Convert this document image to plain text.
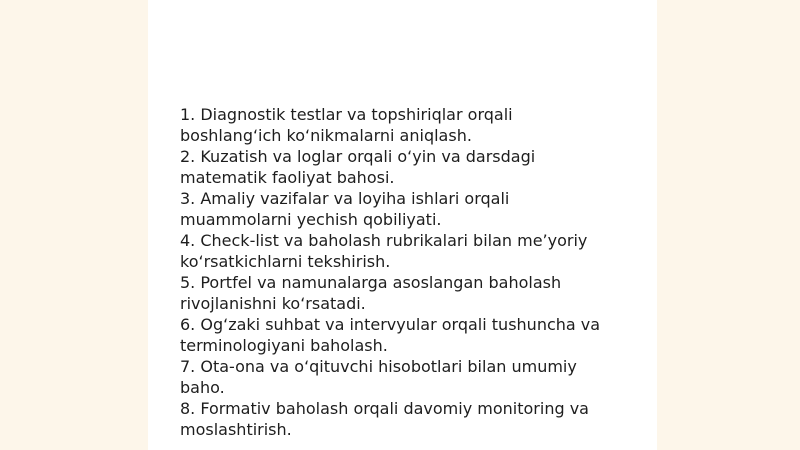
1. Diagnostik testlar va topshiriqlar orqali
boshlang‘ich ko‘nikmalarni aniqlash.
2. Kuzatish va loglar orqali o‘yin va darsdagi
matematik faoliyat bahosi.
3. Amaliy vazifalar va loyiha ishlari orqali
muammolarni yechish qobiliyati.
4. Check-list va baholash rubrikalari bilan me’yoriy
ko‘rsatkichlarni tekshirish.
5. Portfel va namunalarga asoslangan baholash
rivojlanishni ko‘rsatadi.
6. Og‘zaki suhbat va intervyular orqali tushuncha va
terminologiyani baholash.
7. Ota-ona va o‘qituvchi hisobotlari bilan umumiy
baho.
8. Formativ baholash orqali davomiy monitoring va
moslashtirish.
